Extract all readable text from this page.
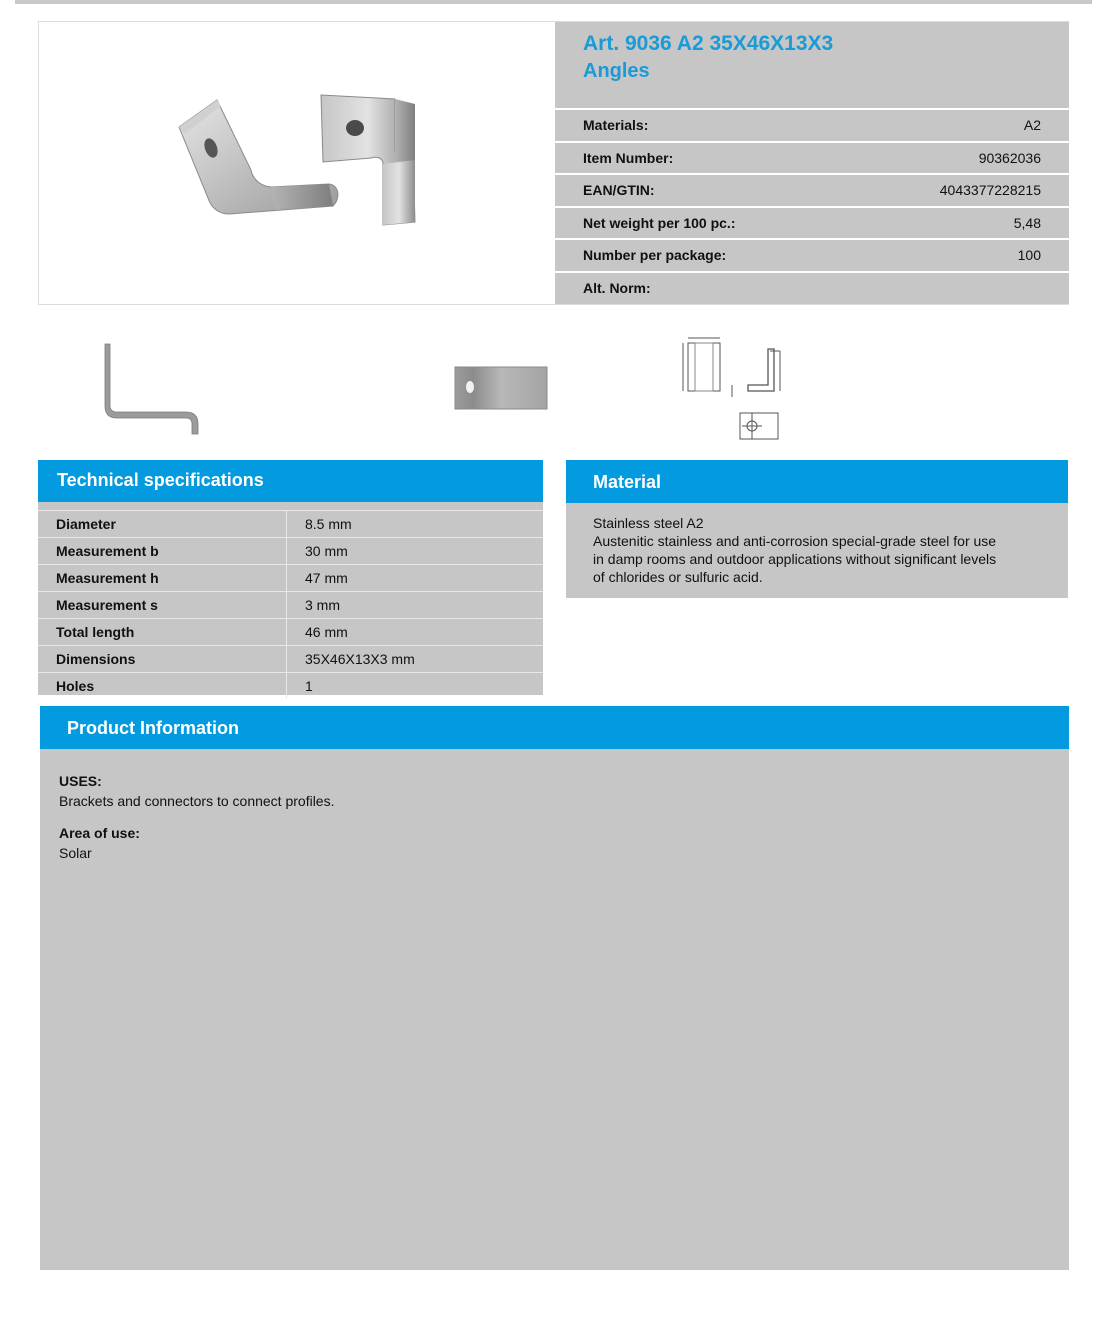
Art. 9036 A2 35X46X13X3
Angles
Materials:	A2
Item Number:	90362036
EAN/GTIN:	4043377228215
Net weight per 100 pc.:	5,48
Number per package:	100
Alt. Norm:
Technical specifications
Diameter	8.5 mm
Measurement b	30 mm
Measurement h	47 mm
Measurement s	3 mm
Total length	46 mm
Dimensions	35X46X13X3 mm
Holes	1
Material
Stainless steel A2
Austenitic stainless and anti-corrosion special-grade steel for use
in damp rooms and outdoor applications without significant levels
of chlorides or sulfuric acid.
Product Information
USES:
Brackets and connectors to connect profiles.
Area of use:
Solar
